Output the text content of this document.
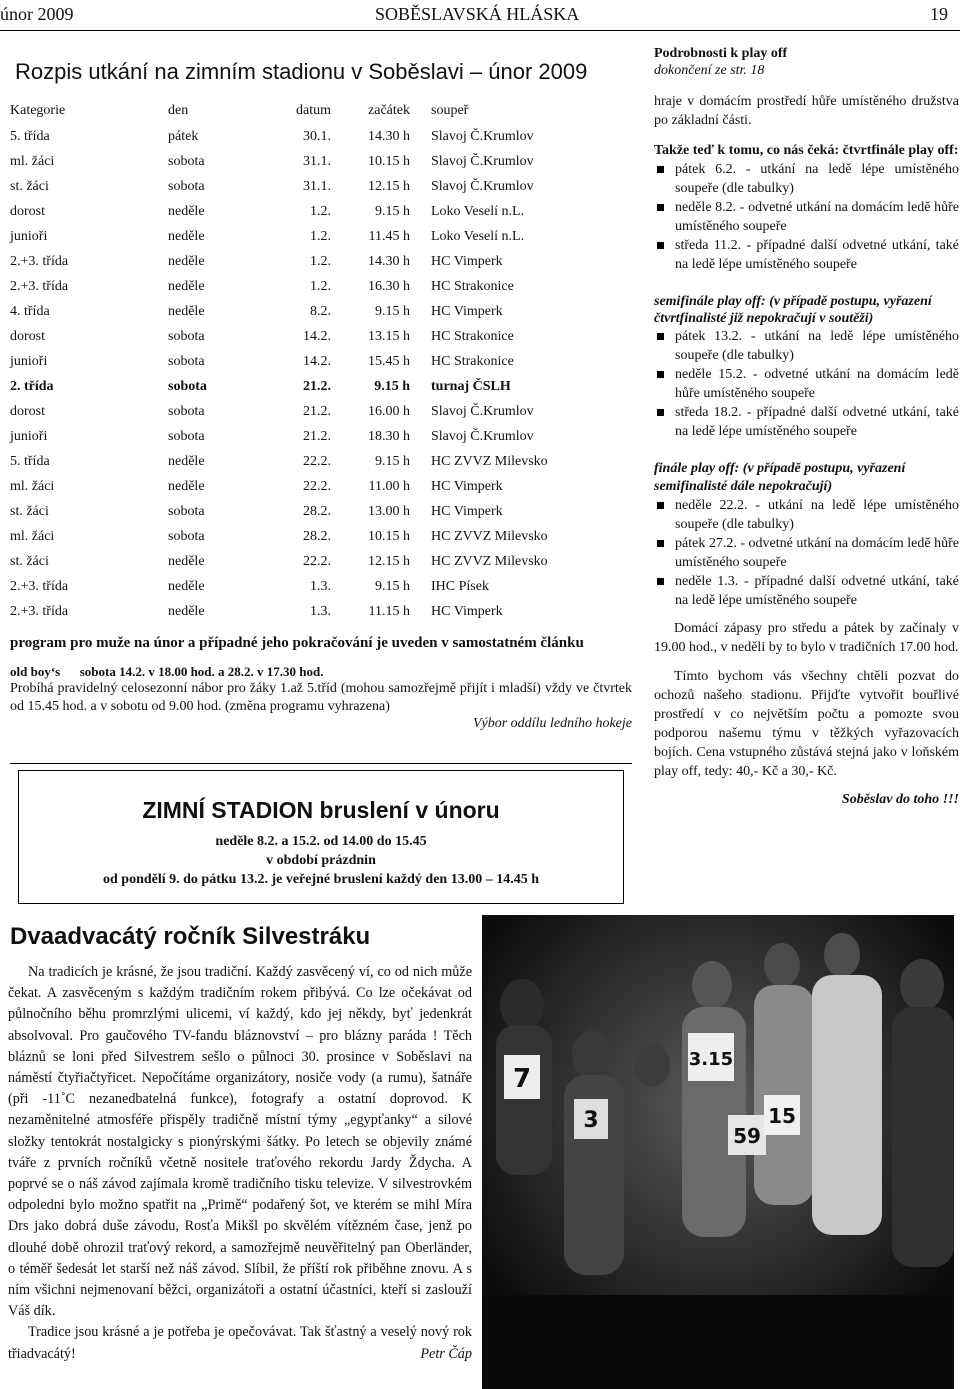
únor 2009	SOBĚSLAVSKÁ HLÁSKA	19
Rozpis utkání na zimním stadionu v Soběslavi – únor 2009
Kategorie	den	datum	začátek	soupeř
5. třída	pátek	30.1.	14.30 h	Slavoj Č.Krumlov
ml. žáci	sobota	31.1.	10.15 h	Slavoj Č.Krumlov
st. žáci	sobota	31.1.	12.15 h	Slavoj Č.Krumlov
dorost	neděle	1.2.	9.15 h	Loko Veselí n.L.
junioři	neděle	1.2.	11.45 h	Loko Veselí n.L.
2.+3. třída	neděle	1.2.	14.30 h	HC Vimperk
2.+3. třída	neděle	1.2.	16.30 h	HC Strakonice
4. třída	neděle	8.2.	9.15 h	HC Vimperk
dorost	sobota	14.2.	13.15 h	HC Strakonice
junioři	sobota	14.2.	15.45 h	HC Strakonice
2. třída	sobota	21.2.	9.15 h	turnaj ČSLH
dorost	sobota	21.2.	16.00 h	Slavoj Č.Krumlov
junioři	sobota	21.2.	18.30 h	Slavoj Č.Krumlov
5. třída	neděle	22.2.	9.15 h	HC ZVVZ Milevsko
ml. žáci	neděle	22.2.	11.00 h	HC Vimperk
st. žáci	sobota	28.2.	13.00 h	HC Vimperk
ml. žáci	sobota	28.2.	10.15 h	HC ZVVZ Milevsko
st. žáci	neděle	22.2.	12.15 h	HC ZVVZ Milevsko
2.+3. třída	neděle	1.3.	9.15 h	IHC Písek
2.+3. třída	neděle	1.3.	11.15 h	HC Vimperk
program pro muže na únor a případné jeho pokračování je uveden v samostatném článku
old boy‘s      sobota 14.2. v 18.00 hod. a 28.2. v 17.30 hod.
Probíhá pravidelný celosezonní nábor pro žáky 1.až 5.tříd (mohou samozřejmě přijít i mladší) vždy ve čtvrtek od 15.45 hod. a v sobotu od 9.00 hod. (změna programu vyhrazena)
Výbor oddílu ledního hokeje
ZIMNÍ STADION bruslení v únoru
neděle 8.2. a 15.2. od 14.00 do 15.45
v období prázdnin
od pondělí 9. do pátku 13.2. je veřejné bruslení každý den 13.00 – 14.45 h
Dvaadvacátý ročník Silvestráku

Na tradicích je krásné, že jsou tradiční. Každý zasvěcený ví, co od nich může čekat. A zasvěceným s každým tradičním rokem přibývá. Co lze očekávat od půlnočního běhu promrzlými ulicemi, ví každý, kdo jej někdy, byť jedenkrát absolvoval. Pro gaučového TV-fandu bláznovství – pro blázny paráda ! Těch bláznů se loni před Silvestrem sešlo o půlnoci 30. prosince v Soběslavi na náměstí čtyřiačtyřicet. Nepočítáme organizátory, nosiče vody (a rumu), šatnáře (při -11˚C nezanedbatelná funkce), fotografy a ostatní doprovod. K nezaměnitelné atmosféře přispěly tradičně místní týmy „egypťanky“ a silové složky tentokrát nostalgicky s pionýrskými šátky. Po letech se objevily známé tváře z prvních ročníků včetně nositele traťového rekordu Jardy Ždycha. A poprvé se o náš závod zajímala kromě tradičního tisku televize. V silvestrovkém odpoledni bylo možno spatřit na „Primě“ podařený šot, ve kterém se mihl Míra Drs jako dobrá duše závodu, Rosťa Mikšl po skvělém vítězném čase, jenž po dlouhé době ohrozil traťový rekord, a samozřejmě neuvěřitelný pan Oberländer, o téměř šedesát let starší než náš závod. Slíbil, že příští rok přiběhne znovu. A s ním všichni nejmenovaní běžci, organizátoři a ostatní účastníci, kteří si zaslouží Váš dík.

Tradice jsou krásné a je potřeba je opečovávat. Tak šťastný a veselý nový rok třiadvacátý!	Petr Čáp

7
3
3.15
59
15
Podrobnosti k play off
dokončení ze str. 18

hraje v domácím prostředí hůře umístěného družstva po základní části.

Takže teď k tomu, co nás čeká: čtvrtfinále play off:

pátek 6.2. - utkání na ledě lépe umístěného soupeře (dle tabulky)
neděle 8.2. - odvetné utkání na domácím ledě hůře umístěného soupeře
středa 11.2. - případné další odvetné utkání, také na ledě lépe umístěného soupeře

semifinále play off: (v případě postupu, vyřazení čtvrtfinalisté již nepokračují v soutěži)

pátek 13.2. - utkání na ledě lépe umístěného soupeře (dle tabulky)
neděle 15.2. - odvetné utkání na domácím ledě hůře umístěného soupeře
středa 18.2. - případné další odvetné utkání, také na ledě lépe umístěného soupeře

finále play off: (v případě postupu, vyřazení semifinalisté dále nepokračují)

neděle 22.2. - utkání na ledě lépe umístěného soupeře (dle tabulky)
pátek 27.2. - odvetné utkání na domácím ledě hůře umístěného soupeře
neděle 1.3. - případné další odvetné utkání, také na ledě lépe umístěného soupeře

Domácí zápasy pro středu a pátek by začínaly v 19.00 hod., v neděli by to bylo v tradičních 17.00 hod.

Tímto bychom vás všechny chtěli pozvat do ochozů našeho stadionu. Přijďte vytvořit bouřlivé prostředí v co největším počtu a pomozte svou podporou našemu týmu v těžkých vyřazovacích bojích. Cena vstupného zůstává stejná jako v loňském play off, tedy: 40,- Kč a 30,- Kč.

Soběslav do toho !!!
